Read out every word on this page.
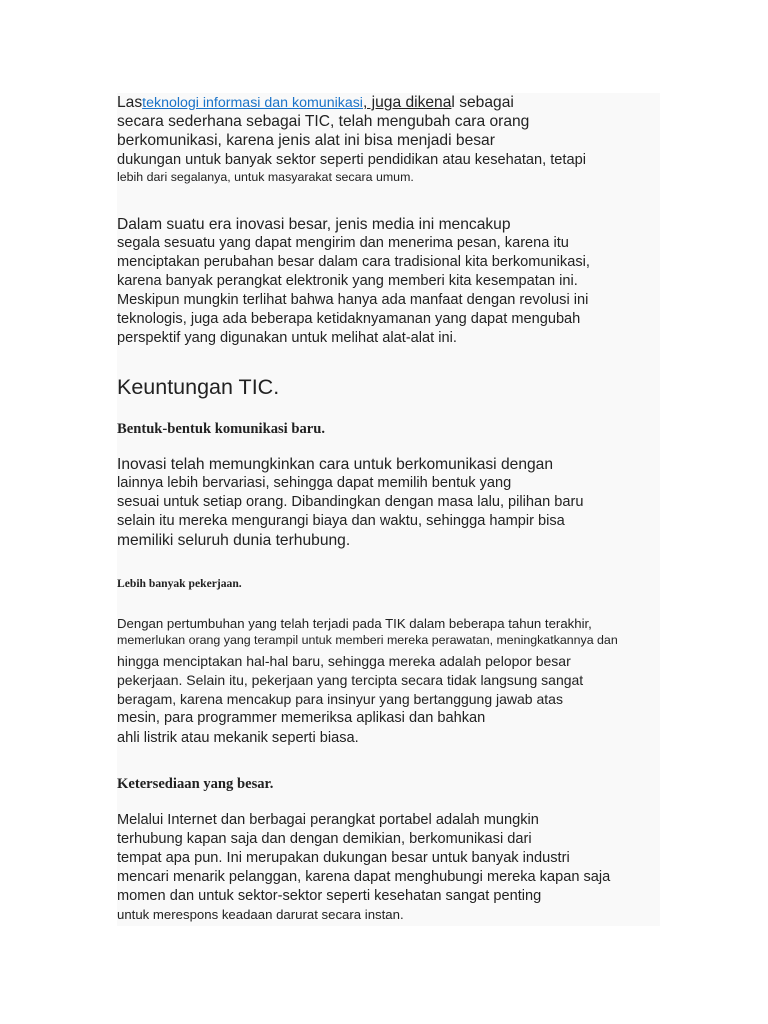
Lasteknologi informasi dan komunikasi, juga dikenal sebagai
secara sederhana sebagai TIC, telah mengubah cara orang
berkomunikasi, karena jenis alat ini bisa menjadi besar
dukungan untuk banyak sektor seperti pendidikan atau kesehatan, tetapi
lebih dari segalanya, untuk masyarakat secara umum.
Dalam suatu era inovasi besar, jenis media ini mencakup
segala sesuatu yang dapat mengirim dan menerima pesan, karena itu
menciptakan perubahan besar dalam cara tradisional kita berkomunikasi,
karena banyak perangkat elektronik yang memberi kita kesempatan ini.
Meskipun mungkin terlihat bahwa hanya ada manfaat dengan revolusi ini
teknologis, juga ada beberapa ketidaknyamanan yang dapat mengubah
perspektif yang digunakan untuk melihat alat-alat ini.
Keuntungan TIC.
Bentuk-bentuk komunikasi baru.
Inovasi telah memungkinkan cara untuk berkomunikasi dengan
lainnya lebih bervariasi, sehingga dapat memilih bentuk yang
sesuai untuk setiap orang. Dibandingkan dengan masa lalu, pilihan baru
selain itu mereka mengurangi biaya dan waktu, sehingga hampir bisa
memiliki seluruh dunia terhubung.
Lebih banyak pekerjaan.
Dengan pertumbuhan yang telah terjadi pada TIK dalam beberapa tahun terakhir,
memerlukan orang yang terampil untuk memberi mereka perawatan, meningkatkannya dan
hingga menciptakan hal-hal baru, sehingga mereka adalah pelopor besar
pekerjaan. Selain itu, pekerjaan yang tercipta secara tidak langsung sangat
beragam, karena mencakup para insinyur yang bertanggung jawab atas
mesin, para programmer memeriksa aplikasi dan bahkan
ahli listrik atau mekanik seperti biasa.
Ketersediaan yang besar.
Melalui Internet dan berbagai perangkat portabel adalah mungkin
terhubung kapan saja dan dengan demikian, berkomunikasi dari
tempat apa pun. Ini merupakan dukungan besar untuk banyak industri
mencari menarik pelanggan, karena dapat menghubungi mereka kapan saja
momen dan untuk sektor-sektor seperti kesehatan sangat penting
untuk merespons keadaan darurat secara instan.
